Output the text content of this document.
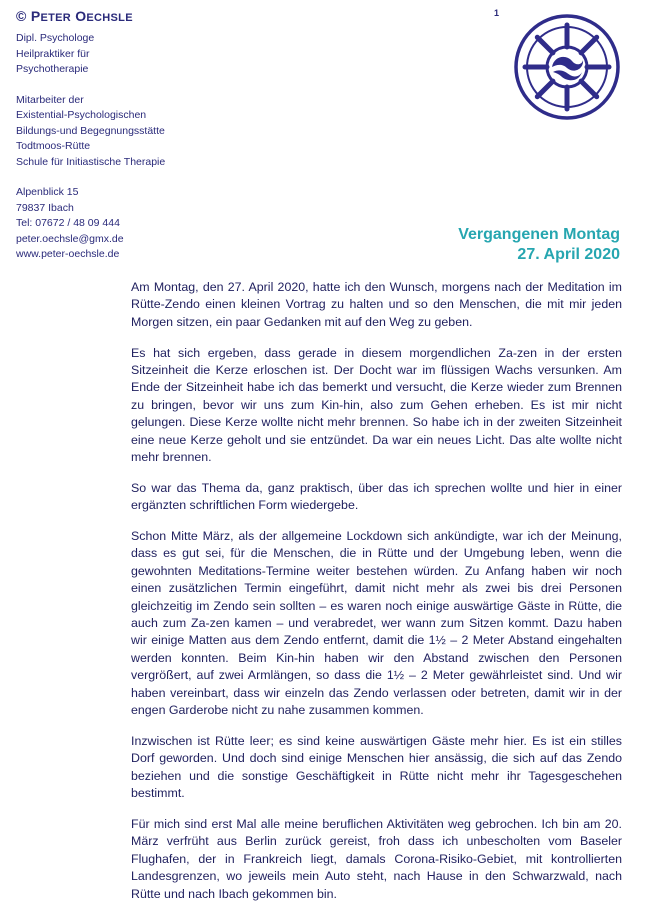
© PETER OECHSLE
Dipl. Psychologe
Heilpraktiker für
Psychotherapie
Mitarbeiter der
Existential-Psychologischen
Bildungs-und Begegnungsstätte
Todtmoos-Rütte
Schule für Initiastische Therapie
Alpenblick 15
79837 Ibach
Tel: 07672 / 48 09 444
peter.oechsle@gmx.de
www.peter-oechsle.de
1
Vergangenen Montag
27. April 2020

Am Montag, den 27. April 2020, hatte ich den Wunsch, morgens nach der Meditation im Rütte-Zendo einen kleinen Vortrag zu halten und so den Menschen, die mit mir jeden Morgen sitzen, ein paar Gedanken mit auf den Weg zu geben.

Es hat sich ergeben, dass gerade in diesem morgendlichen Za-zen in der ersten Sitzeinheit die Kerze erloschen ist. Der Docht war im flüssigen Wachs versunken. Am Ende der Sitzeinheit habe ich das bemerkt und versucht, die Kerze wieder zum Brennen zu bringen, bevor wir uns zum Kin-hin, also zum Gehen erheben. Es ist mir nicht gelungen. Diese Kerze wollte nicht mehr brennen. So habe ich in der zweiten Sitzeinheit eine neue Kerze geholt und sie entzündet. Da war ein neues Licht. Das alte wollte nicht mehr brennen.

So war das Thema da, ganz praktisch, über das ich sprechen wollte und hier in einer ergänzten schriftlichen Form wiedergebe.

Schon Mitte März, als der allgemeine Lockdown sich ankündigte, war ich der Meinung, dass es gut sei, für die Menschen, die in Rütte und der Umgebung leben, wenn die gewohnten Meditations-Termine weiter bestehen würden. Zu Anfang haben wir noch einen zusätzlichen Termin eingeführt, damit nicht mehr als zwei bis drei Personen gleichzeitig im Zendo sein sollten – es waren noch einige auswärtige Gäste in Rütte, die auch zum Za-zen kamen – und verabredet, wer wann zum Sitzen kommt. Dazu haben wir einige Matten aus dem Zendo entfernt, damit die 1½ – 2 Meter Abstand eingehalten werden konnten. Beim Kin-hin haben wir den Abstand zwischen den Personen vergrößert, auf zwei Armlängen, so dass die 1½ – 2 Meter gewährleistet sind. Und wir haben vereinbart, dass wir einzeln das Zendo verlassen oder betreten, damit wir in der engen Garderobe nicht zu nahe zusammen kommen.

Inzwischen ist Rütte leer; es sind keine auswärtigen Gäste mehr hier. Es ist ein stilles Dorf geworden. Und doch sind einige Menschen hier ansässig, die sich auf das Zendo beziehen und die sonstige Geschäftigkeit in Rütte nicht mehr ihr Tagesgeschehen bestimmt.

Für mich sind erst Mal alle meine beruflichen Aktivitäten weg gebrochen. Ich bin am 20. März verfrüht aus Berlin zurück gereist, froh dass ich unbescholten vom Baseler Flughafen, der in Frankreich liegt, damals Corona-Risiko-Gebiet, mit kontrollierten Landesgrenzen, wo jeweils mein Auto steht, nach Hause in den Schwarzwald, nach Rütte und nach Ibach gekommen bin.
